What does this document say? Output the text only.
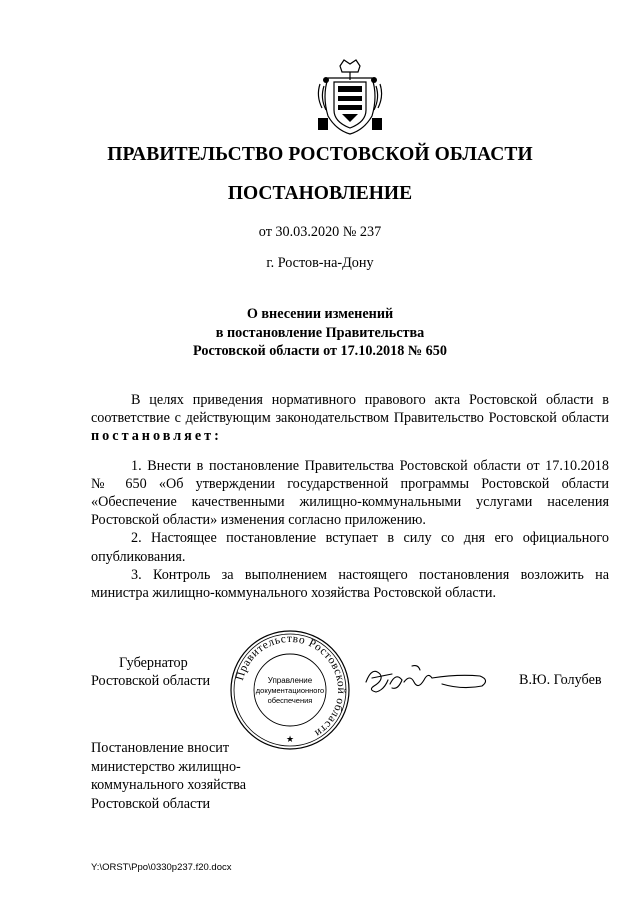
ПРАВИТЕЛЬСТВО РОСТОВСКОЙ ОБЛАСТИ
ПОСТАНОВЛЕНИЕ
от 30.03.2020 № 237
г. Ростов-на-Дону
О внесении изменений
в постановление Правительства
Ростовской области от 17.10.2018 № 650

В целях приведения нормативного правового акта Ростовской области в соответствие с действующим законодательством Правительство Ростовской области постановляет:

1. Внести в постановление Правительства Ростовской области от 17.10.2018 № 650 «Об утверждении государственной программы Ростовской области «Обеспечение качественными жилищно-коммунальными услугами населения Ростовской области» изменения согласно приложению.

2. Настоящее постановление вступает в силу со дня его официального опубликования.

3. Контроль за выполнением настоящего постановления возложить на министра жилищно-коммунального хозяйства Ростовской области.

Губернатор
Ростовской области	Правительство Ростовской области
Управление
документационного
обеспечения
★
В.Ю. Голубев
Постановление вносит
министерство жилищно-
коммунального хозяйства
Ростовской области
Y:\ORST\Ppo\0330p237.f20.docx
